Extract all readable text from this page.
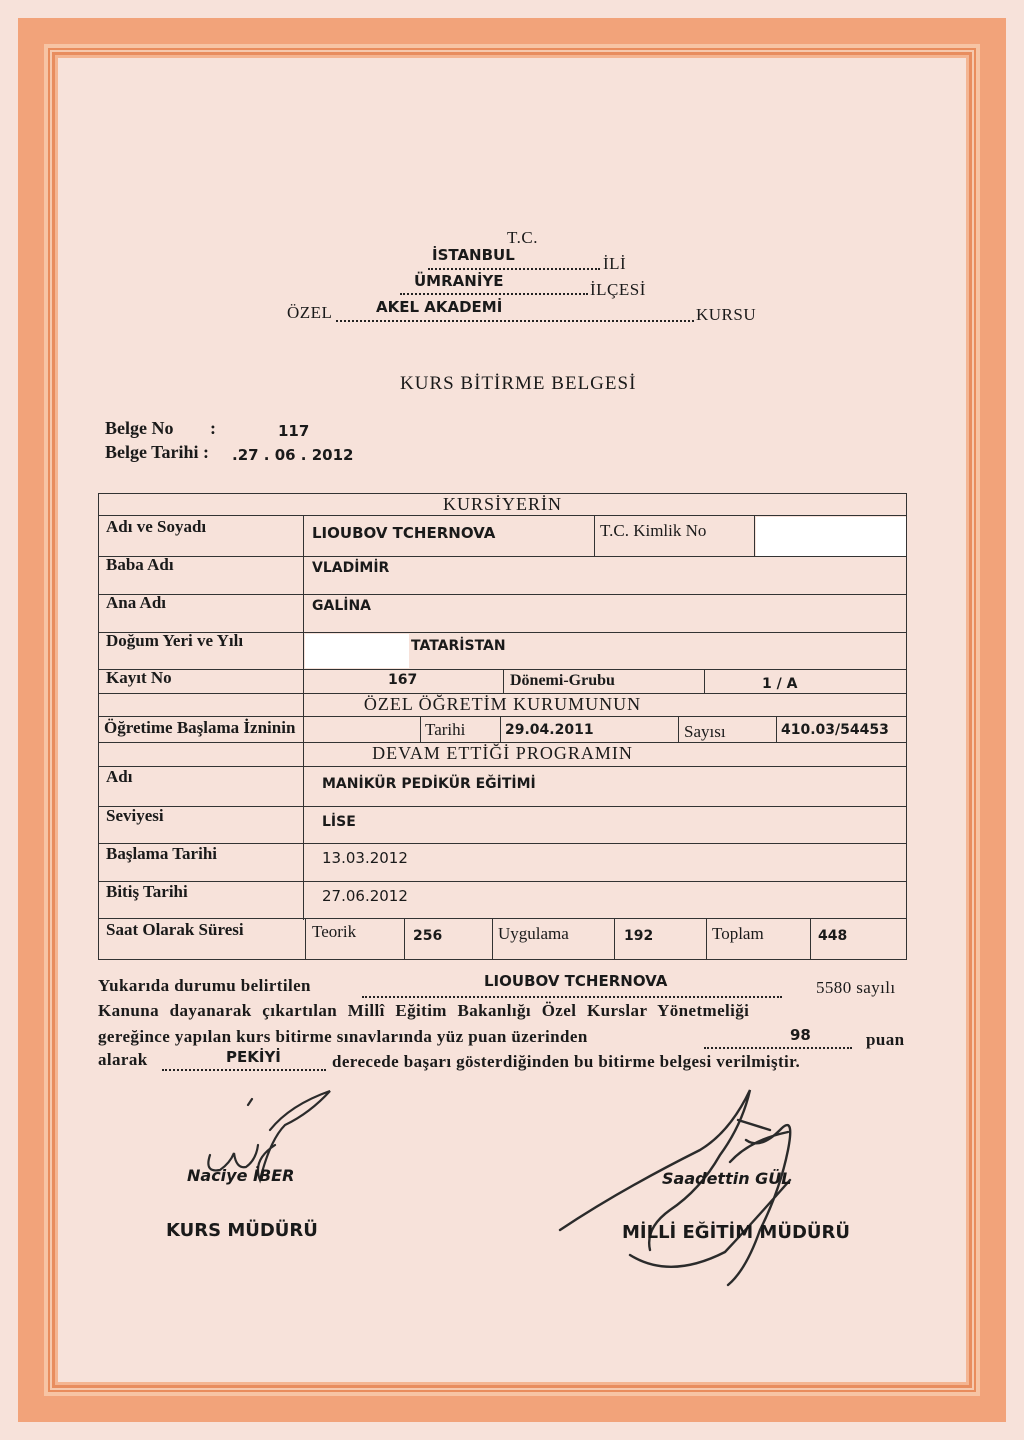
T.C.
İSTANBUL	İLİ
ÜMRANİYE	İLÇESİ
ÖZEL	AKEL AKADEMİ	KURSU
KURS BİTİRME BELGESİ
Belge No :	117
Belge Tarihi : .27 . 06 . 2012
KURSİYERİN
Adı ve Soyadı	LIOUBOV TCHERNOVA	T.C. Kimlik No
Baba Adı	VLADİMİR
Ana Adı	GALİNA
Doğum Yeri ve Yılı	TATARİSTAN
Kayıt No	167	Dönemi-Grubu	1 / A
ÖZEL ÖĞRETİM KURUMUNUN
Öğretime Başlama İzninin	Tarihi	29.04.2011	Sayısı	410.03/54453
DEVAM ETTİĞİ PROGRAMIN
Adı	MANİKÜR PEDİKÜR EĞİTİMİ
Seviyesi	LİSE
Başlama Tarihi	13.03.2012
Bitiş Tarihi	27.06.2012
Saat Olarak Süresi	Teorik	256	Uygulama	192	Toplam	448
Yukarıda durumu belirtilen	LIOUBOV TCHERNOVA	5580 sayılı
Kanuna dayanarak çıkartılan Millî Eğitim Bakanlığı Özel Kurslar Yönetmeliği
gereğince yapılan kurs bitirme sınavlarında yüz puan üzerinden	98	puan
alarak	PEKİYİ	derecede başarı gösterdiğinden bu bitirme belgesi verilmiştir.
Naciye İBER
KURS MÜDÜRÜ
Saadettin GÜL
MİLLİ EĞİTİM MÜDÜRÜ
